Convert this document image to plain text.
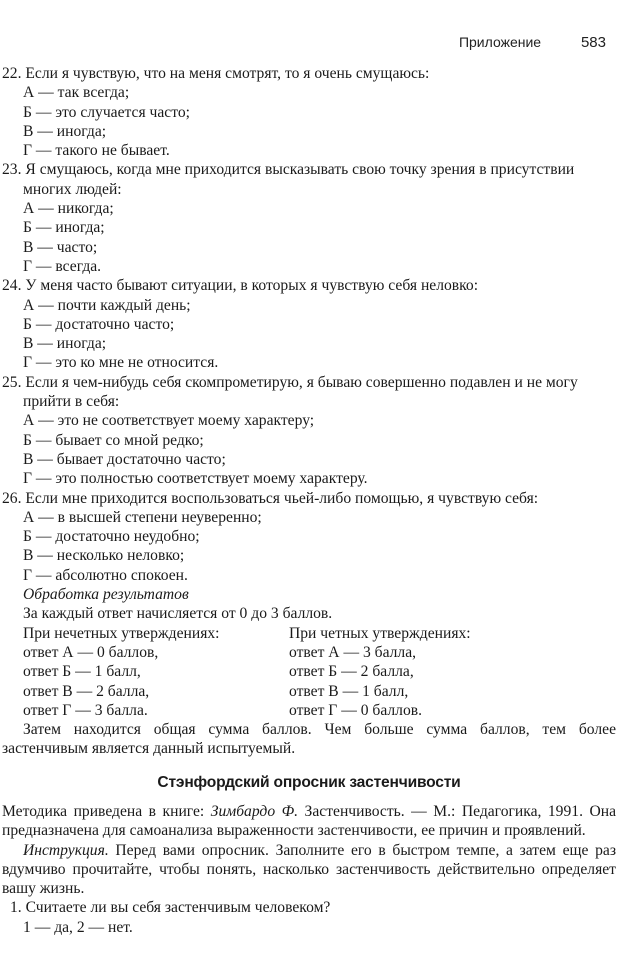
Приложение	583
22. Если я чувствую, что на меня смотрят, то я очень смущаюсь:
А — так всегда;
Б — это случается часто;
В — иногда;
Г — такого не бывает.
23. Я смущаюсь, когда мне приходится высказывать свою точку зрения в присутствии
многих людей:
А — никогда;
Б — иногда;
В — часто;
Г — всегда.
24. У меня часто бывают ситуации, в которых я чувствую себя неловко:
А — почти каждый день;
Б — достаточно часто;
В — иногда;
Г — это ко мне не относится.
25. Если я чем-нибудь себя скомпрометирую, я бываю совершенно подавлен и не могу
прийти в себя:
А — это не соответствует моему характеру;
Б — бывает со мной редко;
В — бывает достаточно часто;
Г — это полностью соответствует моему характеру.
26. Если мне приходится воспользоваться чьей-либо помощью, я чувствую себя:
А — в высшей степени неуверенно;
Б — достаточно неудобно;
В — несколько неловко;
Г — абсолютно спокоен.
Обработка результатов
За каждый ответ начисляется от 0 до 3 баллов.
При нечетных утверждениях:
ответ А — 0 баллов,
ответ Б — 1 балл,
ответ В — 2 балла,
ответ Г — 3 балла.
При четных утверждениях:
ответ А — 3 балла,
ответ Б — 2 балла,
ответ В — 1 балл,
ответ Г — 0 баллов.
Затем находится общая сумма баллов. Чем больше сумма баллов, тем более застенчивым является данный испытуемый.
Стэнфордский опросник застенчивости
Методика приведена в книге: Зимбардо Ф. Застенчивость. — М.: Педагогика, 1991. Она предназначена для самоанализа выраженности застенчивости, ее причин и проявлений.
Инструкция. Перед вами опросник. Заполните его в быстром темпе, а затем еще раз вдумчиво прочитайте, чтобы понять, насколько застенчивость действительно определяет вашу жизнь.
1. Считаете ли вы себя застенчивым человеком?
1 — да, 2 — нет.
